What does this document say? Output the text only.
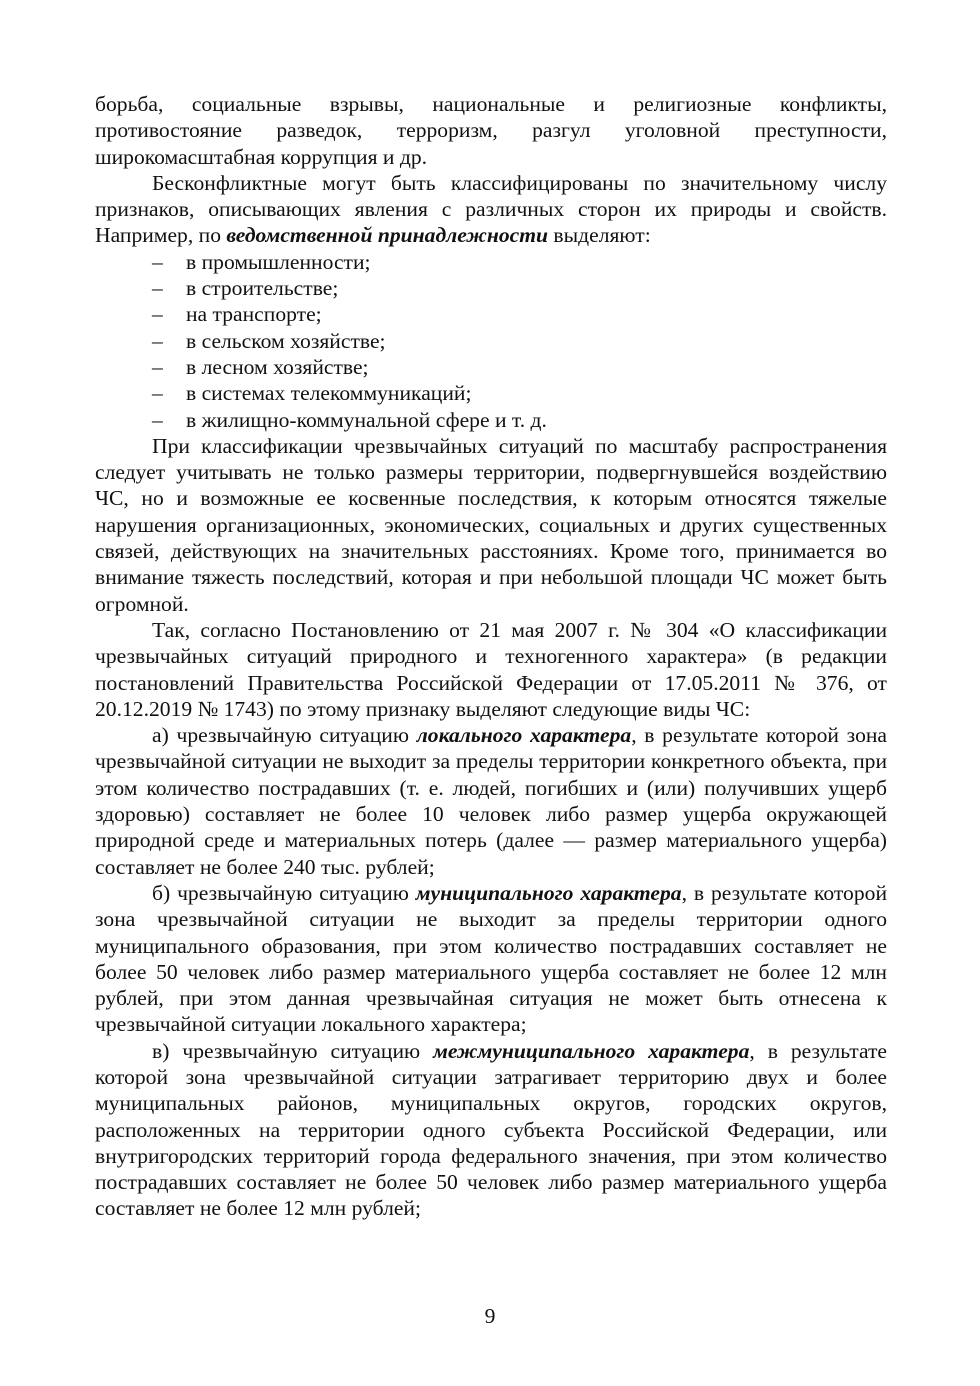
борьба, социальные взрывы, национальные и религиозные конфликты, противостояние разведок, терроризм, разгул уголовной преступности, широкомасштабная коррупция и др.

Бесконфликтные могут быть классифицированы по значительному числу признаков, описывающих явления с различных сторон их природы и свойств. Например, по ведомственной принадлежности выделяют:

– в промышленности;
– в строительстве;
– на транспорте;
– в сельском хозяйстве;
– в лесном хозяйстве;
– в системах телекоммуникаций;
– в жилищно-коммунальной сфере и т. д.

При классификации чрезвычайных ситуаций по масштабу распространения следует учитывать не только размеры территории, подвергнувшейся воздействию ЧС, но и возможные ее косвенные последствия, к которым относятся тяжелые нарушения организационных, экономических, социальных и других существенных связей, действующих на значительных расстояниях. Кроме того, принимается во внимание тяжесть последствий, которая и при небольшой площади ЧС может быть огромной.

Так, согласно Постановлению от 21 мая 2007 г. № 304 «О классификации чрезвычайных ситуаций природного и техногенного характера» (в редакции постановлений Правительства Российской Федерации от 17.05.2011 № 376, от 20.12.2019 № 1743) по этому признаку выделяют следующие виды ЧС:

а) чрезвычайную ситуацию локального характера, в результате которой зона чрезвычайной ситуации не выходит за пределы территории конкретного объекта, при этом количество пострадавших (т. е. людей, погибших и (или) получивших ущерб здоровью) составляет не более 10 человек либо размер ущерба окружающей природной среде и материальных потерь (далее — размер материального ущерба) составляет не более 240 тыс. рублей;

б) чрезвычайную ситуацию муниципального характера, в результате которой зона чрезвычайной ситуации не выходит за пределы территории одного муниципального образования, при этом количество пострадавших составляет не более 50 человек либо размер материального ущерба составляет не более 12 млн рублей, при этом данная чрезвычайная ситуация не может быть отнесена к чрезвычайной ситуации локального характера;

в) чрезвычайную ситуацию межмуниципального характера, в результате которой зона чрезвычайной ситуации затрагивает территорию двух и более муниципальных районов, муниципальных округов, городских округов, расположенных на территории одного субъекта Российской Федерации, или внутригородских территорий города федерального значения, при этом количество пострадавших составляет не более 50 человек либо размер материального ущерба составляет не более 12 млн рублей;

9
